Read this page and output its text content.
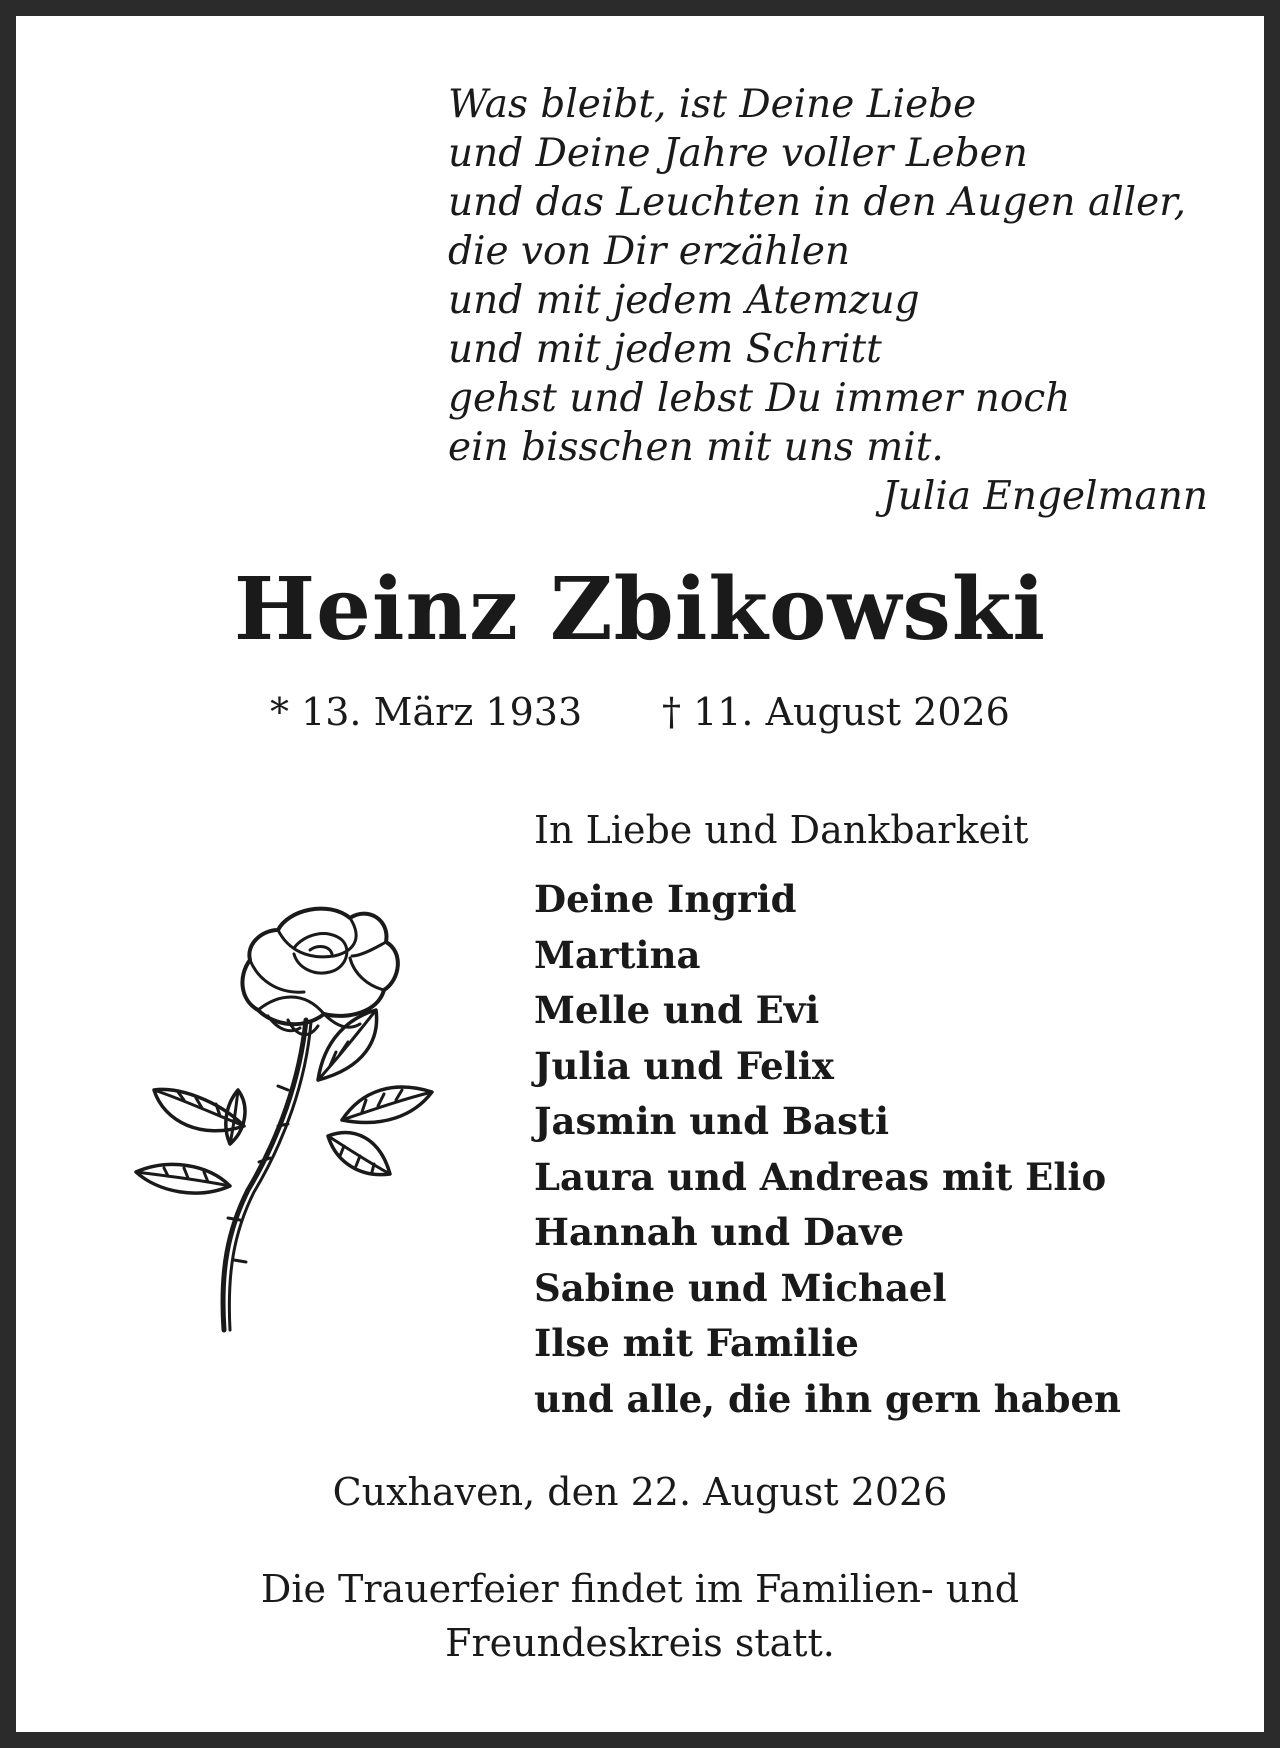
Was bleibt, ist Deine Liebe
und Deine Jahre voller Leben
und das Leuchten in den Augen aller,
die von Dir erzählen
und mit jedem Atemzug
und mit jedem Schritt
gehst und lebst Du immer noch
ein bisschen mit uns mit.
Julia Engelmann
Heinz Zbikowski
* 13. März 1933 † 11. August 2026
In Liebe und Dankbarkeit
Deine Ingrid
Martina
Melle und Evi
Julia und Felix
Jasmin und Basti
Laura und Andreas mit Elio
Hannah und Dave
Sabine und Michael
Ilse mit Familie
und alle, die ihn gern haben
Cuxhaven, den 22. August 2026
Die Trauerfeier findet im Familien- und
Freundeskreis statt.
